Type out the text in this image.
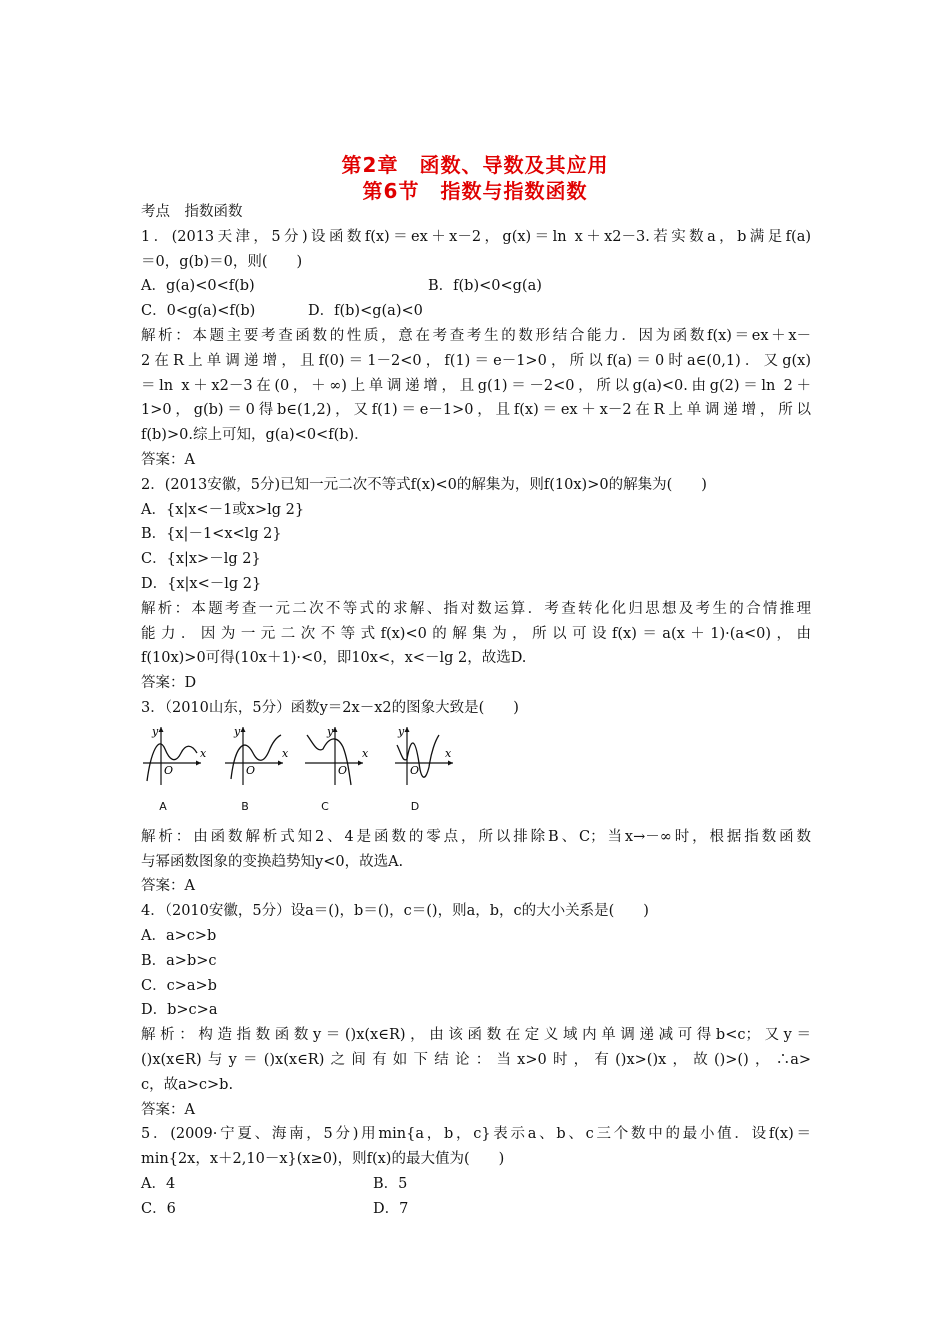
第2章　函数、导数及其应用
第6节　指数与指数函数
考点　指数函数
1．(2013天津，5分)设函数f(x)＝ex＋x－2，g(x)＝ln x＋x2－3.若实数a，b满足f(a)
＝0，g(b)＝0，则(　　)
A．g(a)<0<f(b)	B．f(b)<0<g(a)
C．0<g(a)<f(b)	D．f(b)<g(a)<0
解析：本题主要考查函数的性质，意在考查考生的数形结合能力．因为函数f(x)＝ex＋x－
2在R上单调递增，且f(0)＝1－2<0，f(1)＝e－1>0，所以f(a)＝0时a∈(0,1)．又g(x)
＝ln x＋x2－3在(0，＋∞)上单调递增，且g(1)＝－2<0，所以g(a)<0.由g(2)＝ln 2＋
1>0，g(b)＝0得b∈(1,2)，又f(1)＝e－1>0，且f(x)＝ex＋x－2在R上单调递增，所以
f(b)>0.综上可知，g(a)<0<f(b)．
答案：A
2．(2013安徽，5分)已知一元二次不等式f(x)<0的解集为，则f(10x)>0的解集为(　　)
A．{x|x<－1或x>lg 2}
B．{x|－1<x<lg 2}
C．{x|x>－lg 2}
D．{x|x<－lg 2}
解析：本题考查一元二次不等式的求解、指对数运算．考查转化化归思想及考生的合情推理
能力．因为一元二次不等式f(x)<0的解集为，所以可设f(x)＝a(x＋1)·(a<0)，由
f(10x)>0可得(10x＋1)·<0，即10x<，x<－lg 2，故选D.
答案：D
3．（2010山东，5分）函数y＝2x－x2的图象大致是(　　)
y
O
x
A
y
O
x
B
y
O
x
C
y
O
x
D
解析：由函数解析式知2、4是函数的零点，所以排除B、C；当x→－∞时，根据指数函数
与幂函数图象的变换趋势知y<0，故选A.
答案：A
4．（2010安徽，5分）设a＝()，b＝()，c＝()，则a，b，c的大小关系是(　　)
A．a>c>b
B．a>b>c
C．c>a>b
D．b>c>a
解析：构造指数函数y＝()x(x∈R)，由该函数在定义域内单调递减可得b<c；又y＝
()x(x∈R)与y＝()x(x∈R)之间有如下结论：当x>0时，有()x>()x，故()>()，∴a>
c，故a>c>b.
答案：A
5．(2009·宁夏、海南，5分)用min{a，b，c}表示a、b、c三个数中的最小值．设f(x)＝
min{2x，x＋2,10－x}(x≥0)，则f(x)的最大值为(　　)
A．4	B．5
C．6	D．7
